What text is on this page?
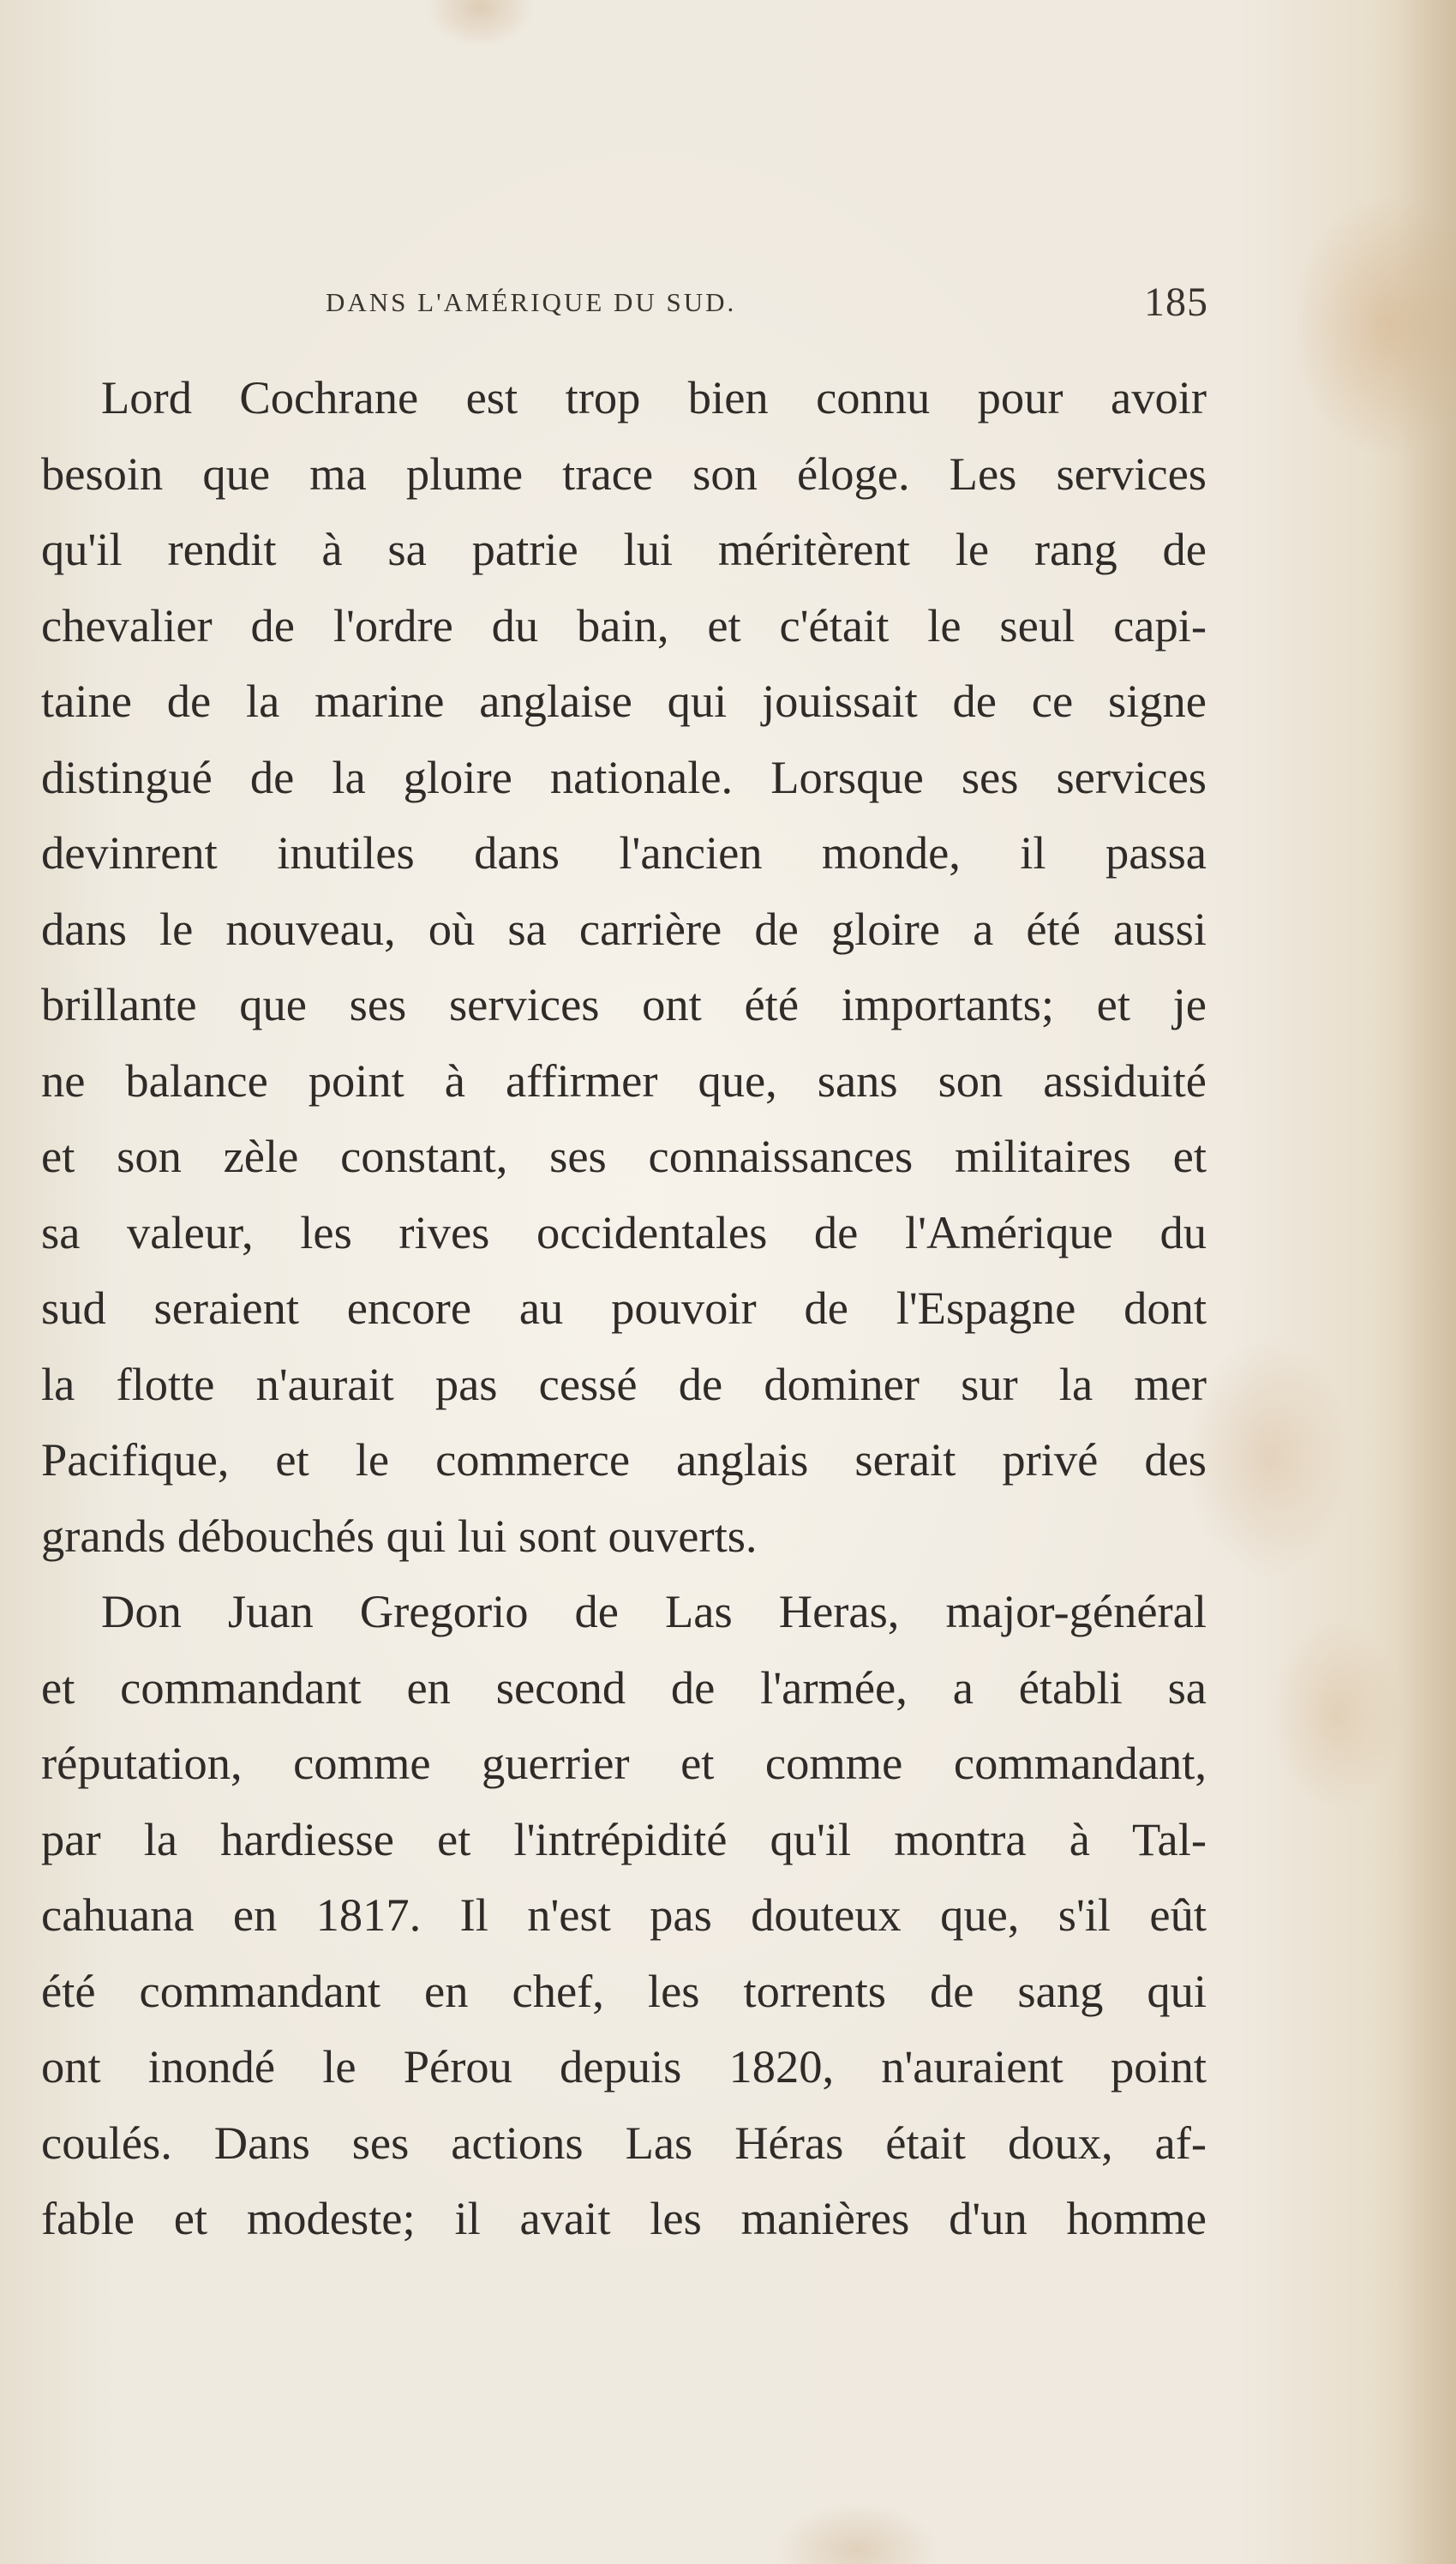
DANS L'AMÉRIQUE DU SUD.	185
Lord Cochrane est trop bien connu pour avoir
besoin que ma plume trace son éloge. Les services
qu'il rendit à sa patrie lui méritèrent le rang de
chevalier de l'ordre du bain, et c'était le seul capi-
taine de la marine anglaise qui jouissait de ce signe
distingué de la gloire nationale. Lorsque ses services
devinrent inutiles dans l'ancien monde, il passa
dans le nouveau, où sa carrière de gloire a été aussi
brillante que ses services ont été importants; et je
ne balance point à affirmer que, sans son assiduité
et son zèle constant, ses connaissances militaires et
sa valeur, les rives occidentales de l'Amérique du
sud seraient encore au pouvoir de l'Espagne dont
la flotte n'aurait pas cessé de dominer sur la mer
Pacifique, et le commerce anglais serait privé des
grands débouchés qui lui sont ouverts.
Don Juan Gregorio de Las Heras, major-général
et commandant en second de l'armée, a établi sa
réputation, comme guerrier et comme commandant,
par la hardiesse et l'intrépidité qu'il montra à Tal-
cahuana en 1817. Il n'est pas douteux que, s'il eût
été commandant en chef, les torrents de sang qui
ont inondé le Pérou depuis 1820, n'auraient point
coulés. Dans ses actions Las Héras était doux, af-
fable et modeste; il avait les manières d'un homme
